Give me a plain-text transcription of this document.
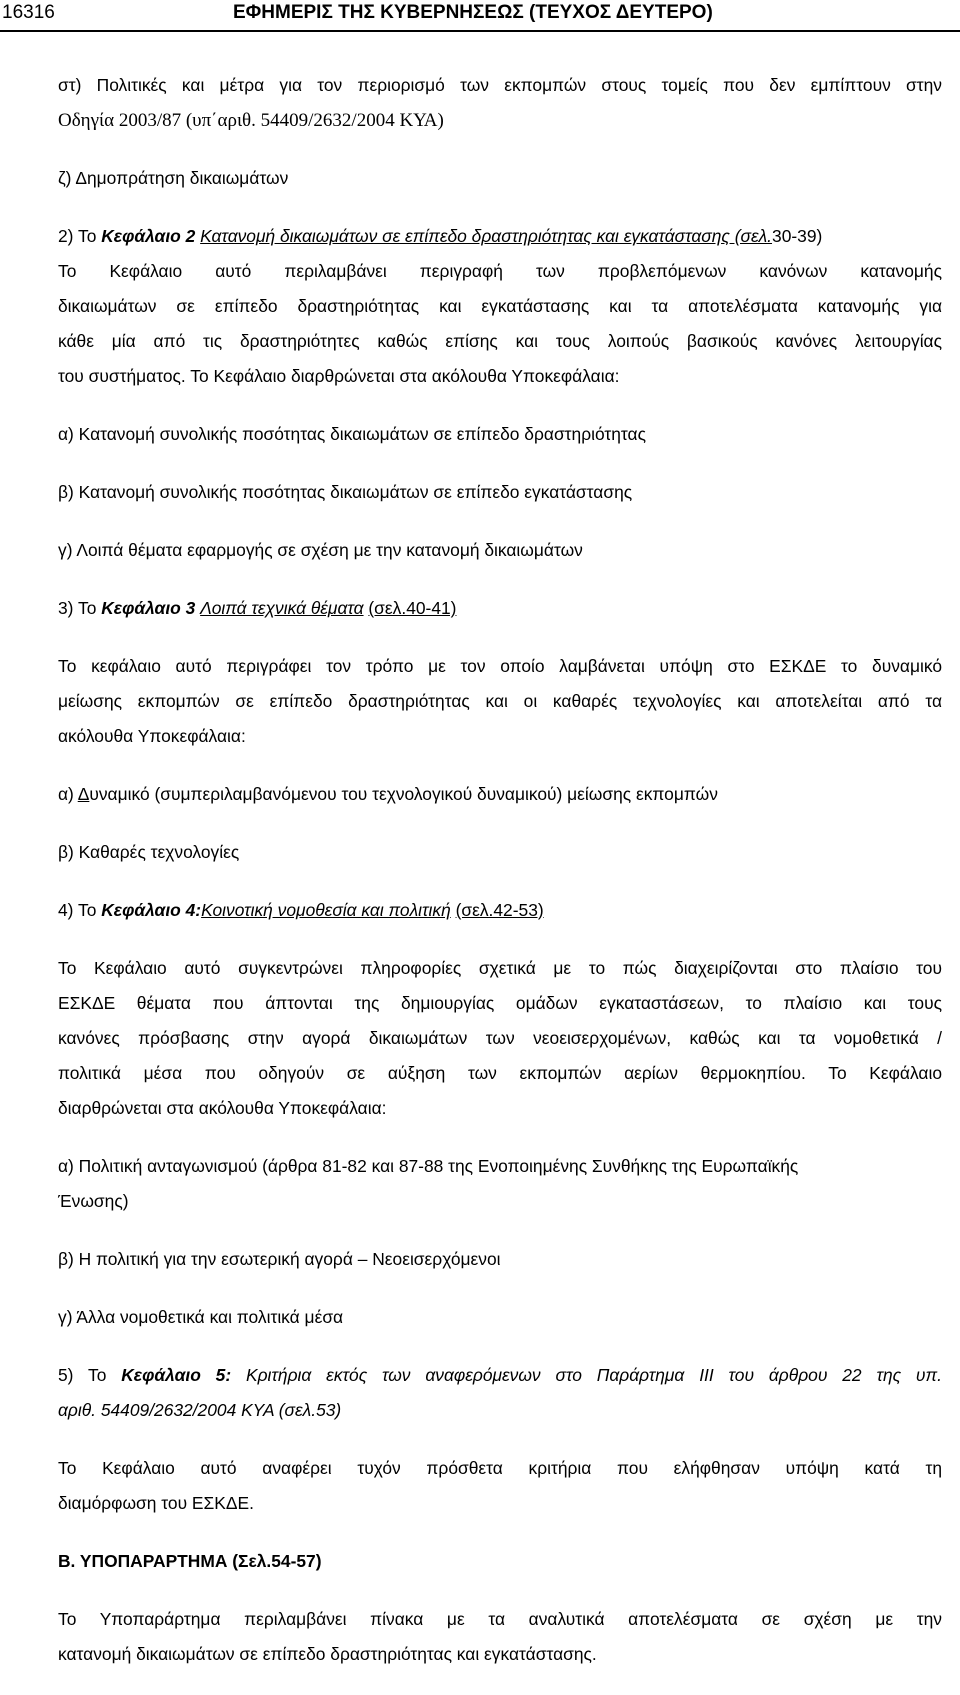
16316	ΕΦΗΜΕΡΙΣ ΤΗΣ ΚΥΒΕΡΝΗΣΕΩΣ (ΤΕΥΧΟΣ ΔΕΥΤΕΡΟ)
στ) Πολιτικές και μέτρα για τον περιορισμό των εκπομπών στους τομείς που δεν εμπίπτουν στην
Οδηγία 2003/87 (υπ΄αριθ. 54409/2632/2004 ΚΥΑ)
ζ) Δημοπράτηση δικαιωμάτων
2) Το Κεφάλαιο 2 Κατανομή δικαιωμάτων σε επίπεδο δραστηριότητας και εγκατάστασης (σελ.30-39)
Το Κεφάλαιο αυτό περιλαμβάνει περιγραφή των προβλεπόμενων κανόνων κατανομής
δικαιωμάτων σε επίπεδο δραστηριότητας και εγκατάστασης και τα αποτελέσματα κατανομής για
κάθε μία από τις δραστηριότητες καθώς επίσης και τους λοιπούς βασικούς κανόνες λειτουργίας
του συστήματος. Το Κεφάλαιο διαρθρώνεται στα ακόλουθα Υποκεφάλαια:
α) Κατανομή συνολικής ποσότητας δικαιωμάτων σε επίπεδο δραστηριότητας
β) Κατανομή συνολικής ποσότητας δικαιωμάτων σε επίπεδο εγκατάστασης
γ) Λοιπά θέματα εφαρμογής σε σχέση με την κατανομή δικαιωμάτων
3) Το Κεφάλαιο 3 Λοιπά τεχνικά θέματα (σελ.40-41)
Το κεφάλαιο αυτό περιγράφει τον τρόπο με τον οποίο λαμβάνεται υπόψη στο ΕΣΚΔΕ το δυναμικό
μείωσης εκπομπών σε επίπεδο δραστηριότητας και οι καθαρές τεχνολογίες και αποτελείται από τα
ακόλουθα Υποκεφάλαια:
α) Δυναμικό (συμπεριλαμβανόμενου του τεχνολογικού δυναμικού) μείωσης εκπομπών
β) Καθαρές τεχνολογίες
4) Το Κεφάλαιο 4:Κοινοτική νομοθεσία και πολιτική (σελ.42-53)
Το Κεφάλαιο αυτό συγκεντρώνει πληροφορίες σχετικά με το πώς διαχειρίζονται στο πλαίσιο του
ΕΣΚΔΕ θέματα που άπτονται της δημιουργίας ομάδων εγκαταστάσεων, το πλαίσιο και τους
κανόνες πρόσβασης στην αγορά δικαιωμάτων των νεοεισερχομένων, καθώς και τα νομοθετικά /
πολιτικά μέσα που οδηγούν σε αύξηση των εκπομπών αερίων θερμοκηπίου. Το Κεφάλαιο
διαρθρώνεται στα ακόλουθα Υποκεφάλαια:
α) Πολιτική ανταγωνισμού (άρθρα 81-82 και 87-88 της Ενοποιημένης Συνθήκης της Ευρωπαϊκής
Ένωσης)
β) Η πολιτική για την εσωτερική αγορά – Νεοεισερχόμενοι
γ) Άλλα νομοθετικά και πολιτικά μέσα
5) Το Κεφάλαιο 5: Κριτήρια εκτός των αναφερόμενων στο Παράρτημα ΙΙΙ του άρθρου 22 της υπ.
αριθ. 54409/2632/2004 ΚΥΑ (σελ.53)
Το Κεφάλαιο αυτό αναφέρει τυχόν πρόσθετα κριτήρια που ελήφθησαν υπόψη κατά τη
διαμόρφωση του ΕΣΚΔΕ.
Β. ΥΠΟΠΑΡΑΡΤΗΜΑ (Σελ.54-57)
Το Υποπαράρτημα περιλαμβάνει πίνακα με τα αναλυτικά αποτελέσματα σε σχέση με την
κατανομή δικαιωμάτων σε επίπεδο δραστηριότητας και εγκατάστασης.
